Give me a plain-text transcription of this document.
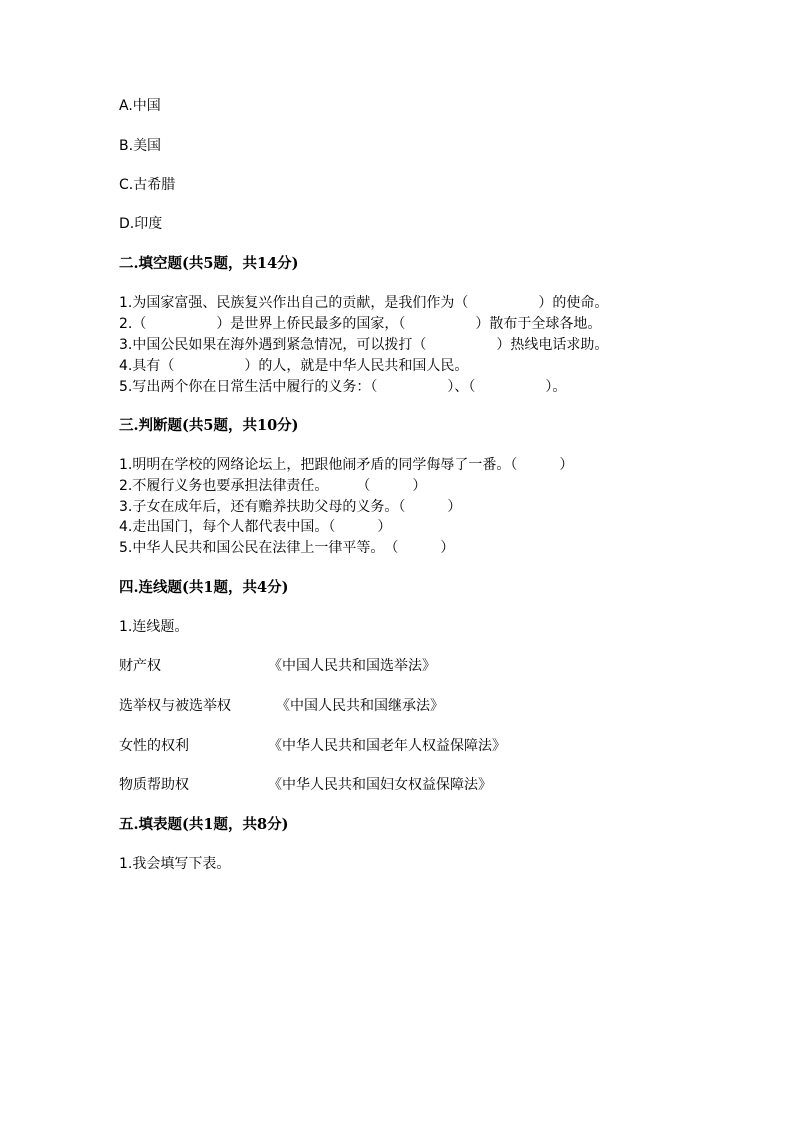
A.中国
B.美国
C.古希腊
D.印度
二.填空题(共5题，共14分)
1.为国家富强、民族复兴作出自己的贡献，是我们作为（　　　　　）的使命。
2.（　　　　　）是世界上侨民最多的国家，（　　　　　）散布于全球各地。
3.中国公民如果在海外遇到紧急情况，可以拨打（　　　　　）热线电话求助。
4.具有（　　　　　）的人，就是中华人民共和国人民。
5.写出两个你在日常生活中履行的义务：（　　　　　）、（　　　　　）。
三.判断题(共5题，共10分)
1.明明在学校的网络论坛上，把跟他闹矛盾的同学侮辱了一番。（　　　）
2.不履行义务也要承担法律责任。　　　（　　　）
3.子女在成年后，还有赡养扶助父母的义务。（　　　）
4.走出国门，每个人都代表中国。（　　　）
5.中华人民共和国公民在法律上一律平等。　（　　　）
四.连线题(共1题，共4分)
1.连线题。
财产权	《中国人民共和国选举法》
选举权与被选举权	《中国人民共和国继承法》
女性的权利	《中华人民共和国老年人权益保障法》
物质帮助权	《中华人民共和国妇女权益保障法》
五.填表题(共1题，共8分)
1.我会填写下表。
